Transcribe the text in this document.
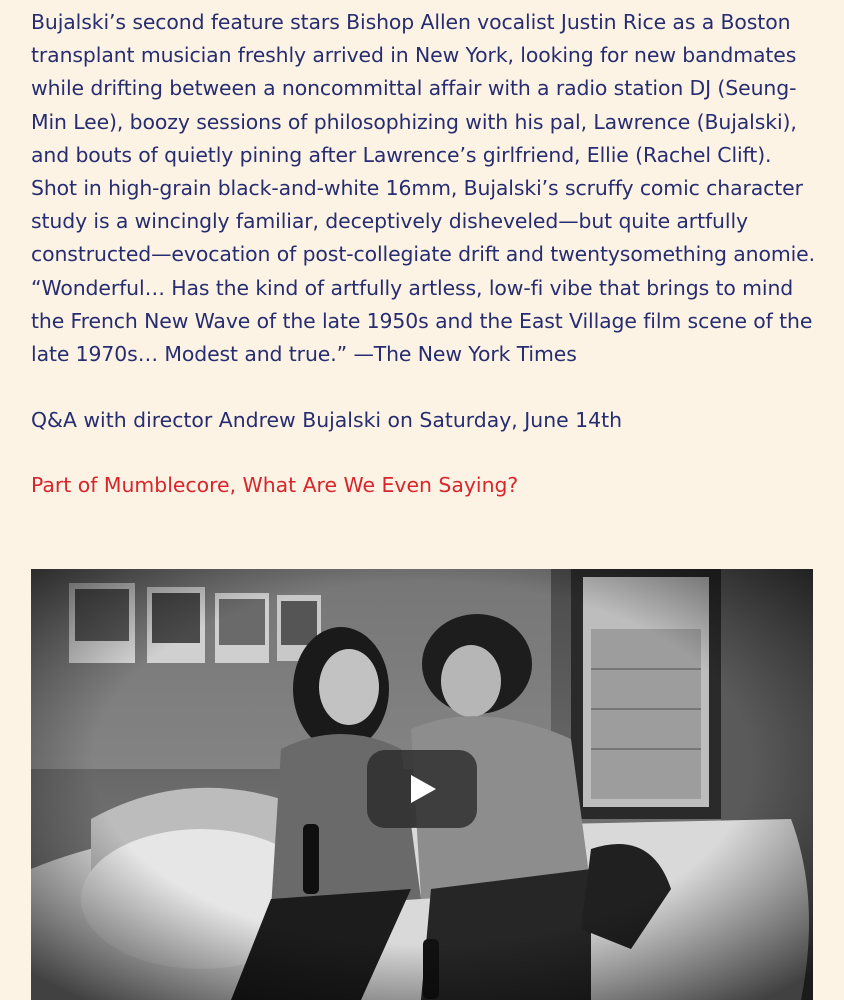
Bujalski’s second feature stars Bishop Allen vocalist Justin Rice as a Boston transplant musician freshly arrived in New York, looking for new bandmates while drifting between a noncommittal affair with a radio station DJ (Seung-Min Lee), boozy sessions of philosophizing with his pal, Lawrence (Bujalski), and bouts of quietly pining after Lawrence’s girlfriend, Ellie (Rachel Clift). Shot in high-grain black-and-white 16mm, Bujalski’s scruffy comic character study is a wincingly familiar, deceptively disheveled—but quite artfully constructed—evocation of post-collegiate drift and twentysomething anomie. “Wonderful… Has the kind of artfully artless, low-fi vibe that brings to mind the French New Wave of the late 1950s and the East Village film scene of the late 1970s… Modest and true.” —The New York Times

Q&A with director Andrew Bujalski on Saturday, June 14th

Part of Mumblecore, What Are We Even Saying?
